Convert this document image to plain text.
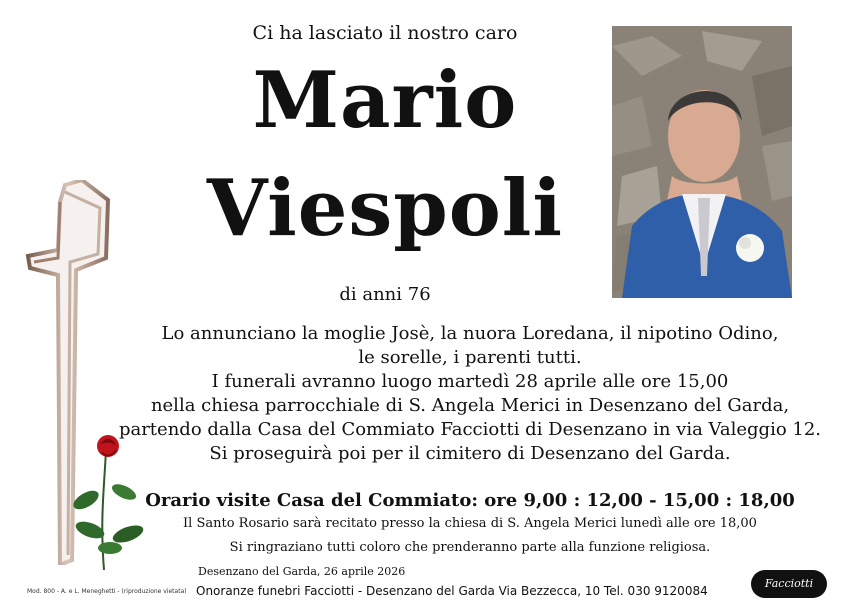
Ci ha lasciato il nostro caro
Mario
Viespoli
di anni 76
Lo annunciano la moglie Josè, la nuora Loredana, il nipotino Odino,
le sorelle, i parenti tutti.
I funerali avranno luogo martedì 28 aprile alle ore 15,00
nella chiesa parrocchiale di S. Angela Merici in Desenzano del Garda,
partendo dalla Casa del Commiato Facciotti di Desenzano in via Valeggio 12.
Si proseguirà poi per il cimitero di Desenzano del Garda.
Orario visite Casa del Commiato: ore 9,00 : 12,00 - 15,00 : 18,00
Il Santo Rosario sarà recitato presso la chiesa di S. Angela Merici lunedì alle ore 18,00
Si ringraziano tutti coloro che prenderanno parte alla funzione religiosa.
Mod. 800 - A. e L. Meneghetti - (riproduzione vietata)
Desenzano del Garda, 26 aprile 2026
Onoranze funebri Facciotti - Desenzano del Garda Via Bezzecca, 10 Tel. 030 9120084
Facciotti
